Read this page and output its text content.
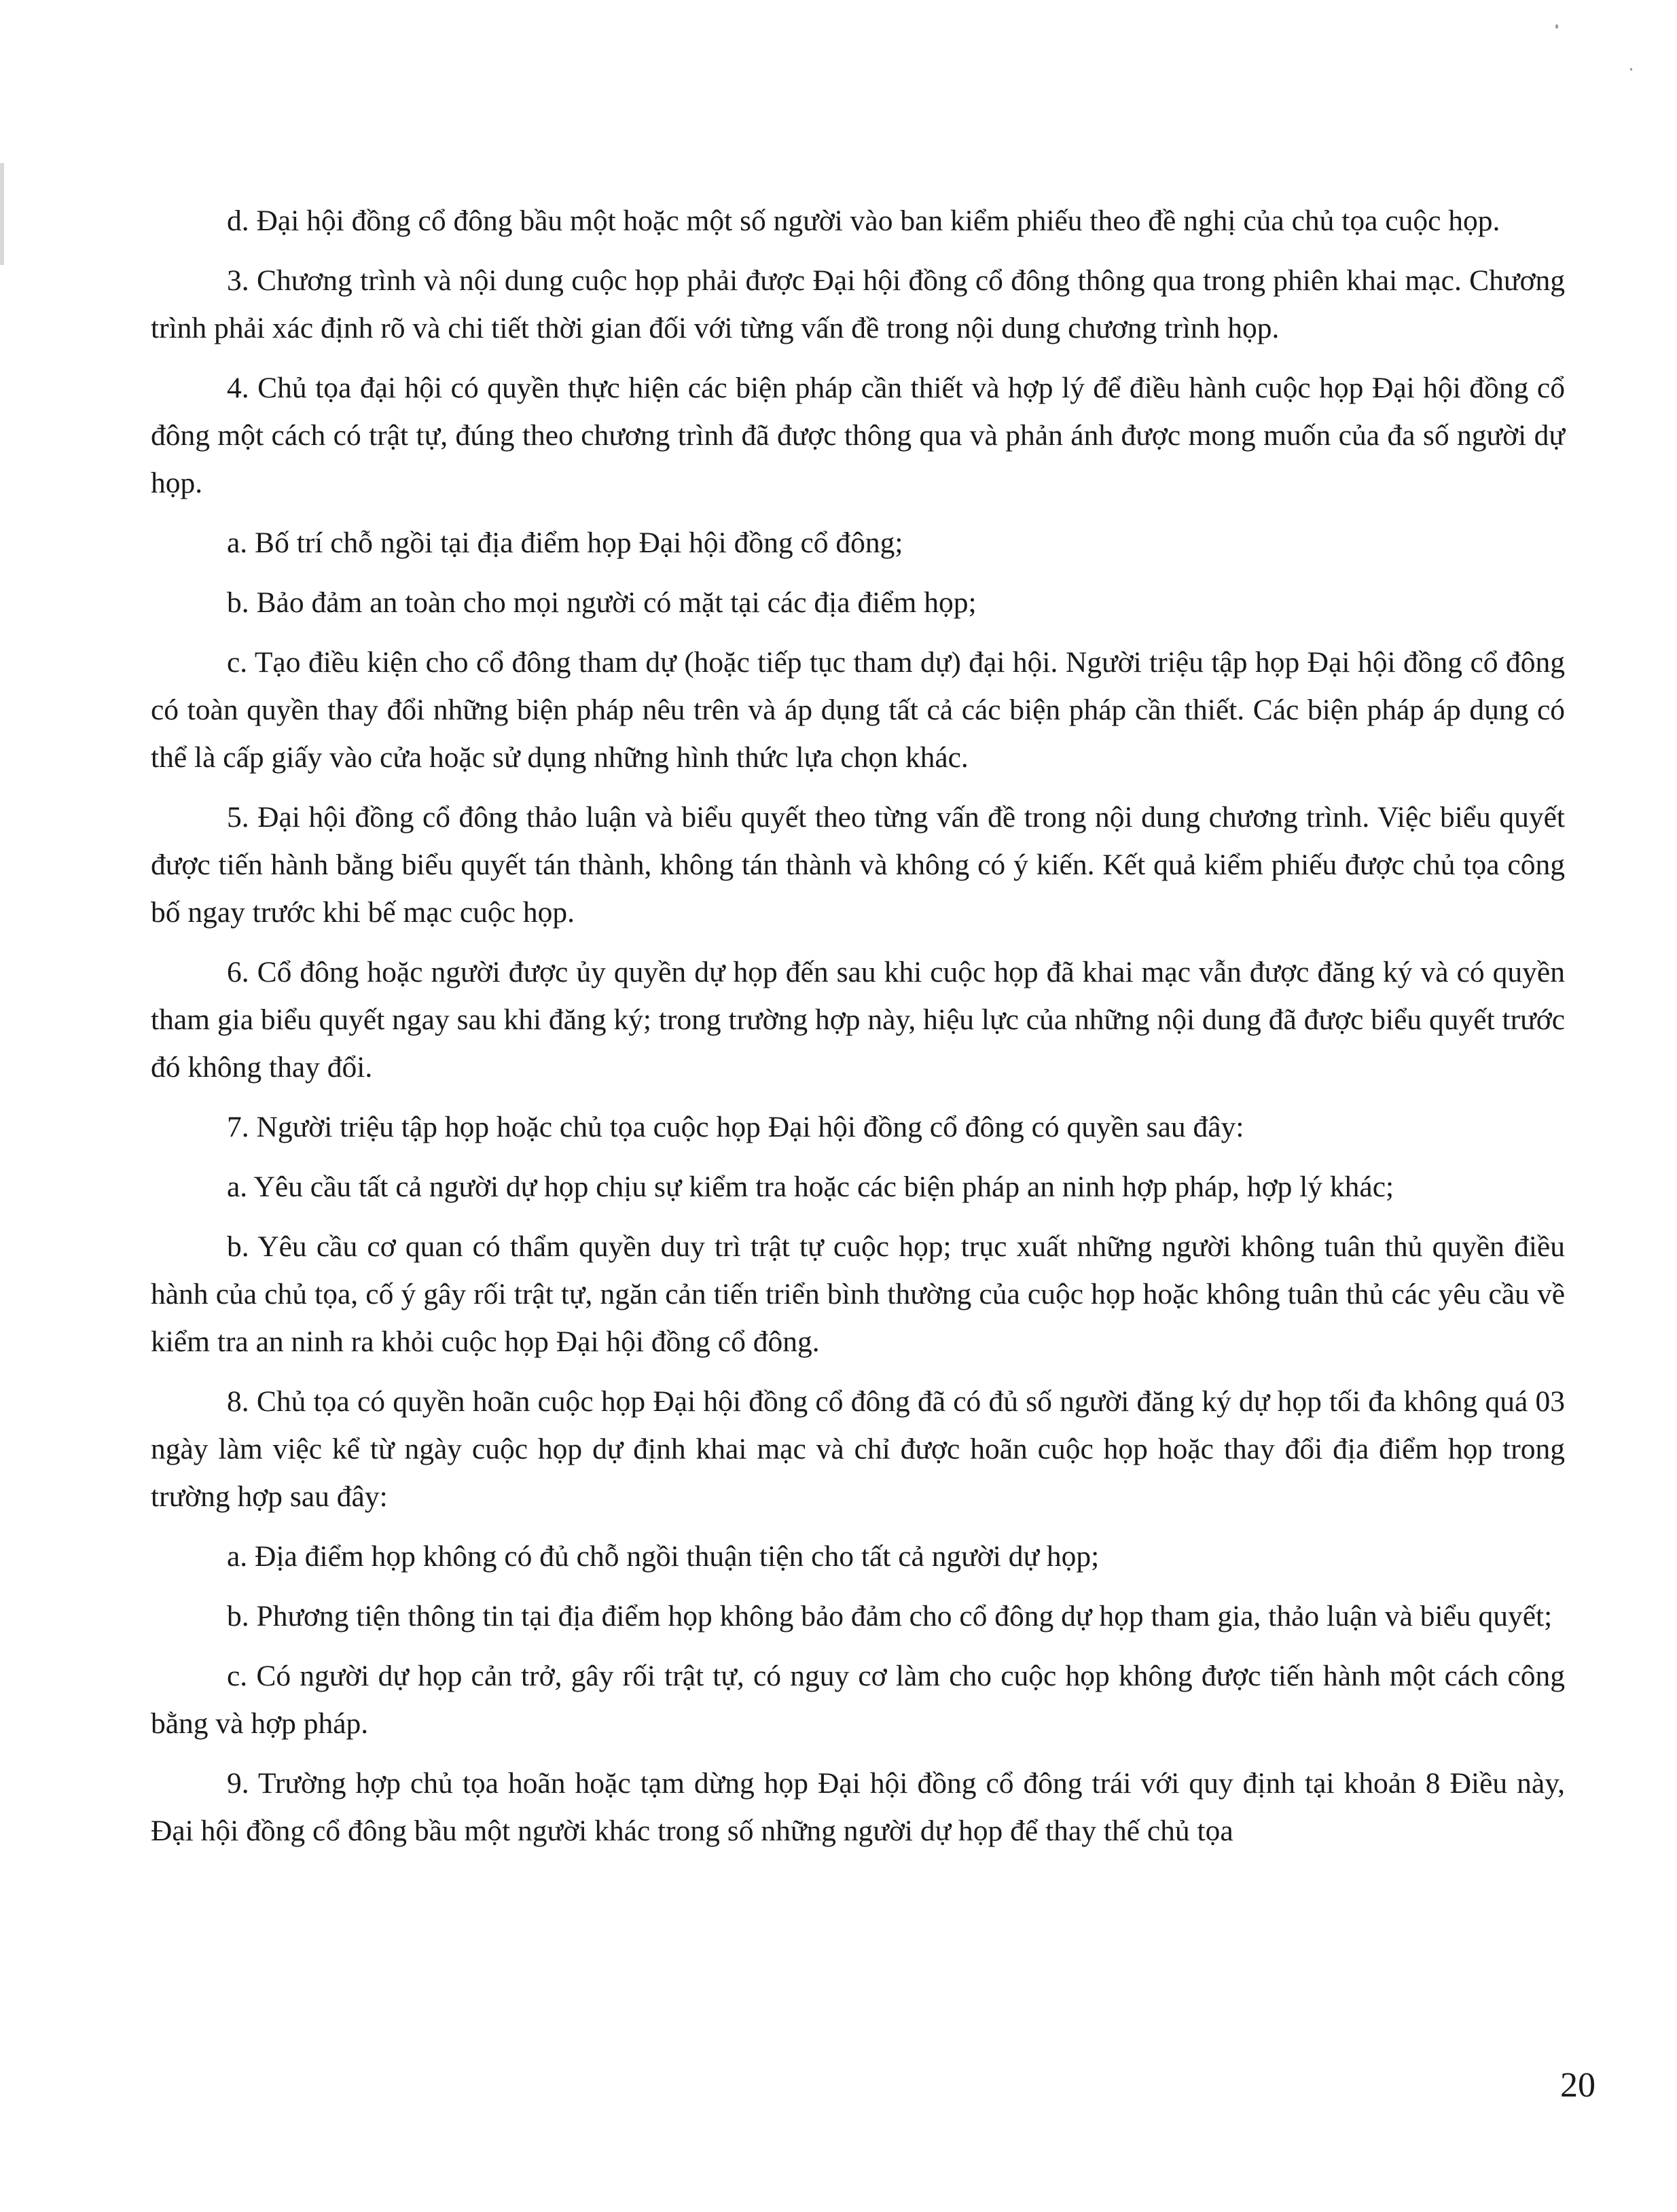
d. Đại hội đồng cổ đông bầu một hoặc một số người vào ban kiểm phiếu theo đề nghị của chủ tọa cuộc họp.

3. Chương trình và nội dung cuộc họp phải được Đại hội đồng cổ đông thông qua trong phiên khai mạc. Chương trình phải xác định rõ và chi tiết thời gian đối với từng vấn đề trong nội dung chương trình họp.

4. Chủ tọa đại hội có quyền thực hiện các biện pháp cần thiết và hợp lý để điều hành cuộc họp Đại hội đồng cổ đông một cách có trật tự, đúng theo chương trình đã được thông qua và phản ánh được mong muốn của đa số người dự họp.

a. Bố trí chỗ ngồi tại địa điểm họp Đại hội đồng cổ đông;

b. Bảo đảm an toàn cho mọi người có mặt tại các địa điểm họp;

c. Tạo điều kiện cho cổ đông tham dự (hoặc tiếp tục tham dự) đại hội. Người triệu tập họp Đại hội đồng cổ đông có toàn quyền thay đổi những biện pháp nêu trên và áp dụng tất cả các biện pháp cần thiết. Các biện pháp áp dụng có thể là cấp giấy vào cửa hoặc sử dụng những hình thức lựa chọn khác.

5. Đại hội đồng cổ đông thảo luận và biểu quyết theo từng vấn đề trong nội dung chương trình. Việc biểu quyết được tiến hành bằng biểu quyết tán thành, không tán thành và không có ý kiến. Kết quả kiểm phiếu được chủ tọa công bố ngay trước khi bế mạc cuộc họp.

6. Cổ đông hoặc người được ủy quyền dự họp đến sau khi cuộc họp đã khai mạc vẫn được đăng ký và có quyền tham gia biểu quyết ngay sau khi đăng ký; trong trường hợp này, hiệu lực của những nội dung đã được biểu quyết trước đó không thay đổi.

7. Người triệu tập họp hoặc chủ tọa cuộc họp Đại hội đồng cổ đông có quyền sau đây:

a. Yêu cầu tất cả người dự họp chịu sự kiểm tra hoặc các biện pháp an ninh hợp pháp, hợp lý khác;

b. Yêu cầu cơ quan có thẩm quyền duy trì trật tự cuộc họp; trục xuất những người không tuân thủ quyền điều hành của chủ tọa, cố ý gây rối trật tự, ngăn cản tiến triển bình thường của cuộc họp hoặc không tuân thủ các yêu cầu về kiểm tra an ninh ra khỏi cuộc họp Đại hội đồng cổ đông.

8. Chủ tọa có quyền hoãn cuộc họp Đại hội đồng cổ đông đã có đủ số người đăng ký dự họp tối đa không quá 03 ngày làm việc kể từ ngày cuộc họp dự định khai mạc và chỉ được hoãn cuộc họp hoặc thay đổi địa điểm họp trong trường hợp sau đây:

a. Địa điểm họp không có đủ chỗ ngồi thuận tiện cho tất cả người dự họp;

b. Phương tiện thông tin tại địa điểm họp không bảo đảm cho cổ đông dự họp tham gia, thảo luận và biểu quyết;

c. Có người dự họp cản trở, gây rối trật tự, có nguy cơ làm cho cuộc họp không được tiến hành một cách công bằng và hợp pháp.

9. Trường hợp chủ tọa hoãn hoặc tạm dừng họp Đại hội đồng cổ đông trái với quy định tại khoản 8 Điều này, Đại hội đồng cổ đông bầu một người khác trong số những người dự họp để thay thế chủ tọa

20
